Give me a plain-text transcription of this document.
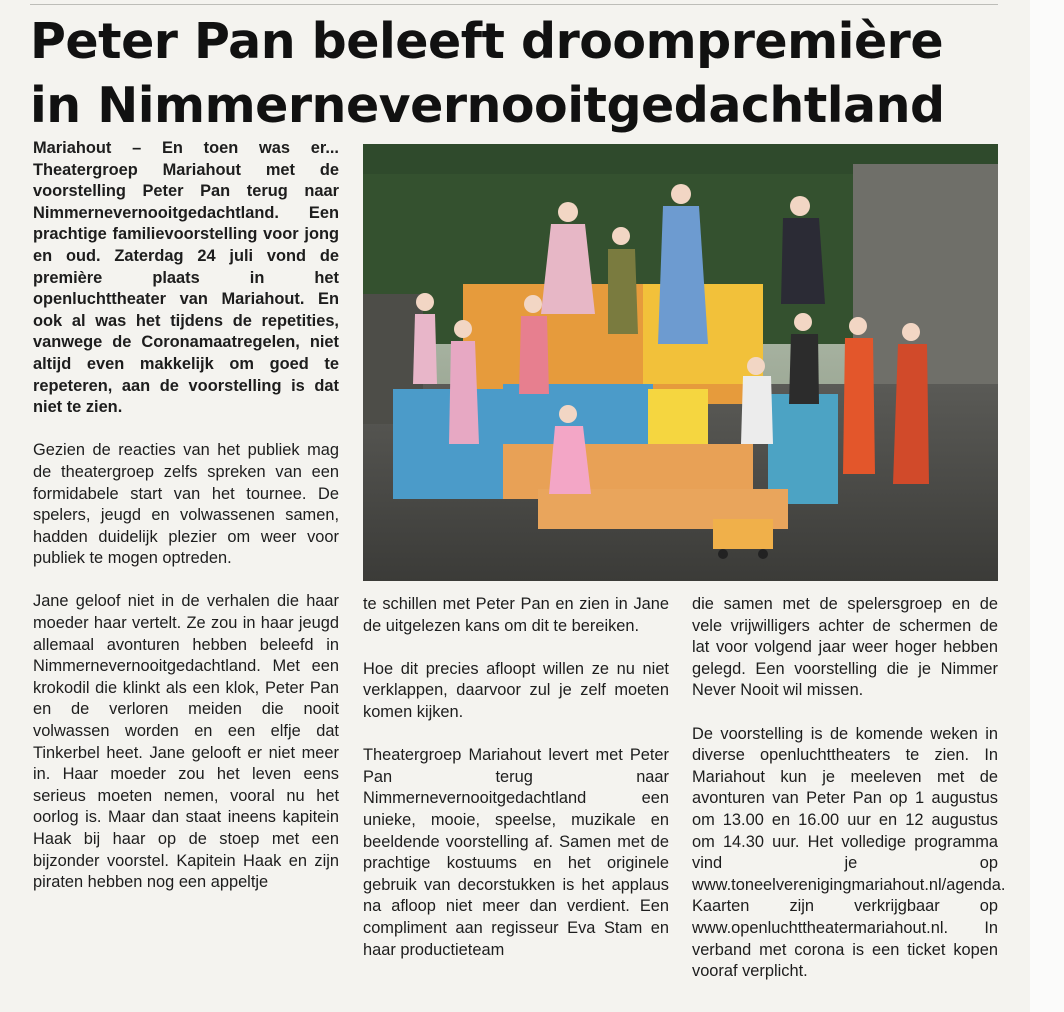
Peter Pan beleeft droompremière
in Nimmernevernooitgedachtland

Mariahout – En toen was er... Theatergroep Mariahout met de voorstelling Peter Pan terug naar Nimmernevernooitgedachtland. Een prachtige familievoorstelling voor jong en oud. Zaterdag 24 juli vond de première plaats in het openluchttheater van Mariahout. En ook al was het tijdens de repetities, vanwege de Coronamaatregelen, niet altijd even makkelijk om goed te repeteren, aan de voorstelling is dat niet te zien.

Gezien de reacties van het publiek mag de theatergroep zelfs spreken van een formidabele start van het tournee. De spelers, jeugd en volwassenen samen, hadden duidelijk plezier om weer voor publiek te mogen optreden.

Jane geloof niet in de verhalen die haar moeder haar vertelt. Ze zou in haar jeugd allemaal avonturen hebben beleefd in Nimmernevernooitgedachtland. Met een krokodil die klinkt als een klok, Peter Pan en de verloren meiden die nooit volwassen worden en een elfje dat Tinkerbel heet. Jane gelooft er niet meer in. Haar moeder zou het leven eens serieus moeten nemen, vooral nu het oorlog is. Maar dan staat ineens kapitein Haak bij haar op de stoep met een bijzonder voorstel. Kapitein Haak en zijn piraten hebben nog een appeltje

te schillen met Peter Pan en zien in Jane de uitgelezen kans om dit te bereiken.

Hoe dit precies afloopt willen ze nu niet verklappen, daarvoor zul je zelf moeten komen kijken.

Theatergroep Mariahout levert met Peter Pan terug naar Nimmernevernooitgedachtland een unieke, mooie, speelse, muzikale en beeldende voorstelling af. Samen met de prachtige kostuums en het originele gebruik van decorstukken is het applaus na afloop niet meer dan verdient. Een compliment aan regisseur Eva Stam en haar productieteam

die samen met de spelersgroep en de vele vrijwilligers achter de schermen de lat voor volgend jaar weer hoger hebben gelegd. Een voorstelling die je Nimmer Never Nooit wil missen.

De voorstelling is de komende weken in diverse openluchttheaters te zien. In Mariahout kun je meeleven met de avonturen van Peter Pan op 1 augustus om 13.00 en 16.00 uur en 12 augustus om 14.30 uur. Het volledige programma vind je op www.toneelverenigingmariahout.nl/agenda. Kaarten zijn verkrijgbaar op www.openluchttheatermariahout.nl. In verband met corona is een ticket kopen vooraf verplicht.
